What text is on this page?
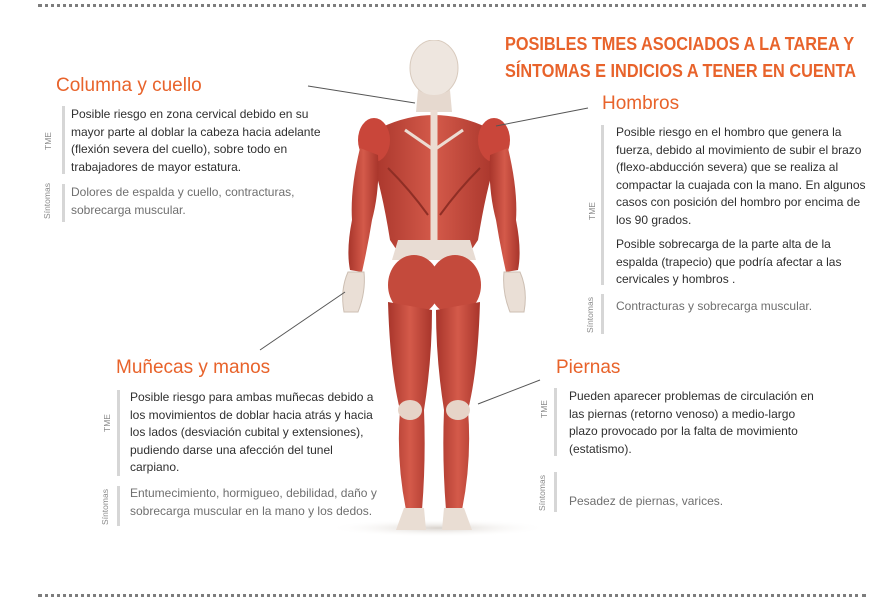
POSIBLES TMES ASOCIADOS A LA TAREA Y
SÍNTOMAS E INDICIOS A TENER EN CUENTA
Columna y cuello
TME
Posible riesgo en zona cervical debido en su
mayor parte al doblar la cabeza hacia adelante
(flexión severa del cuello), sobre todo en
trabajadores de mayor estatura.
Síntomas Dolores de espalda y cuello, contracturas,
sobrecarga muscular.
Hombros
TME
Posible riesgo en el hombro que genera la
fuerza, debido al movimiento de subir el brazo
(flexo-abducción severa) que se realiza al
compactar la cuajada con la mano. En algunos
casos con posición del hombro por encima de
los 90 grados.
Posible sobrecarga de la parte alta de la
espalda (trapecio) que podría afectar a las
cervicales y hombros .
Síntomas Contracturas y sobrecarga muscular.
Muñecas y manos
TME
Posible riesgo para ambas muñecas debido a
los movimientos de doblar hacia atrás y hacia
los lados (desviación cubital y extensiones),
pudiendo darse una afección del tunel
carpiano.
Síntomas Entumecimiento, hormigueo, debilidad, daño y
sobrecarga muscular en la mano y los dedos.
Piernas
TME
Pueden aparecer problemas de circulación en
las piernas (retorno venoso) a medio-largo
plazo provocado por la falta de movimiento
(estatismo).
Síntomas Pesadez de piernas, varices.
